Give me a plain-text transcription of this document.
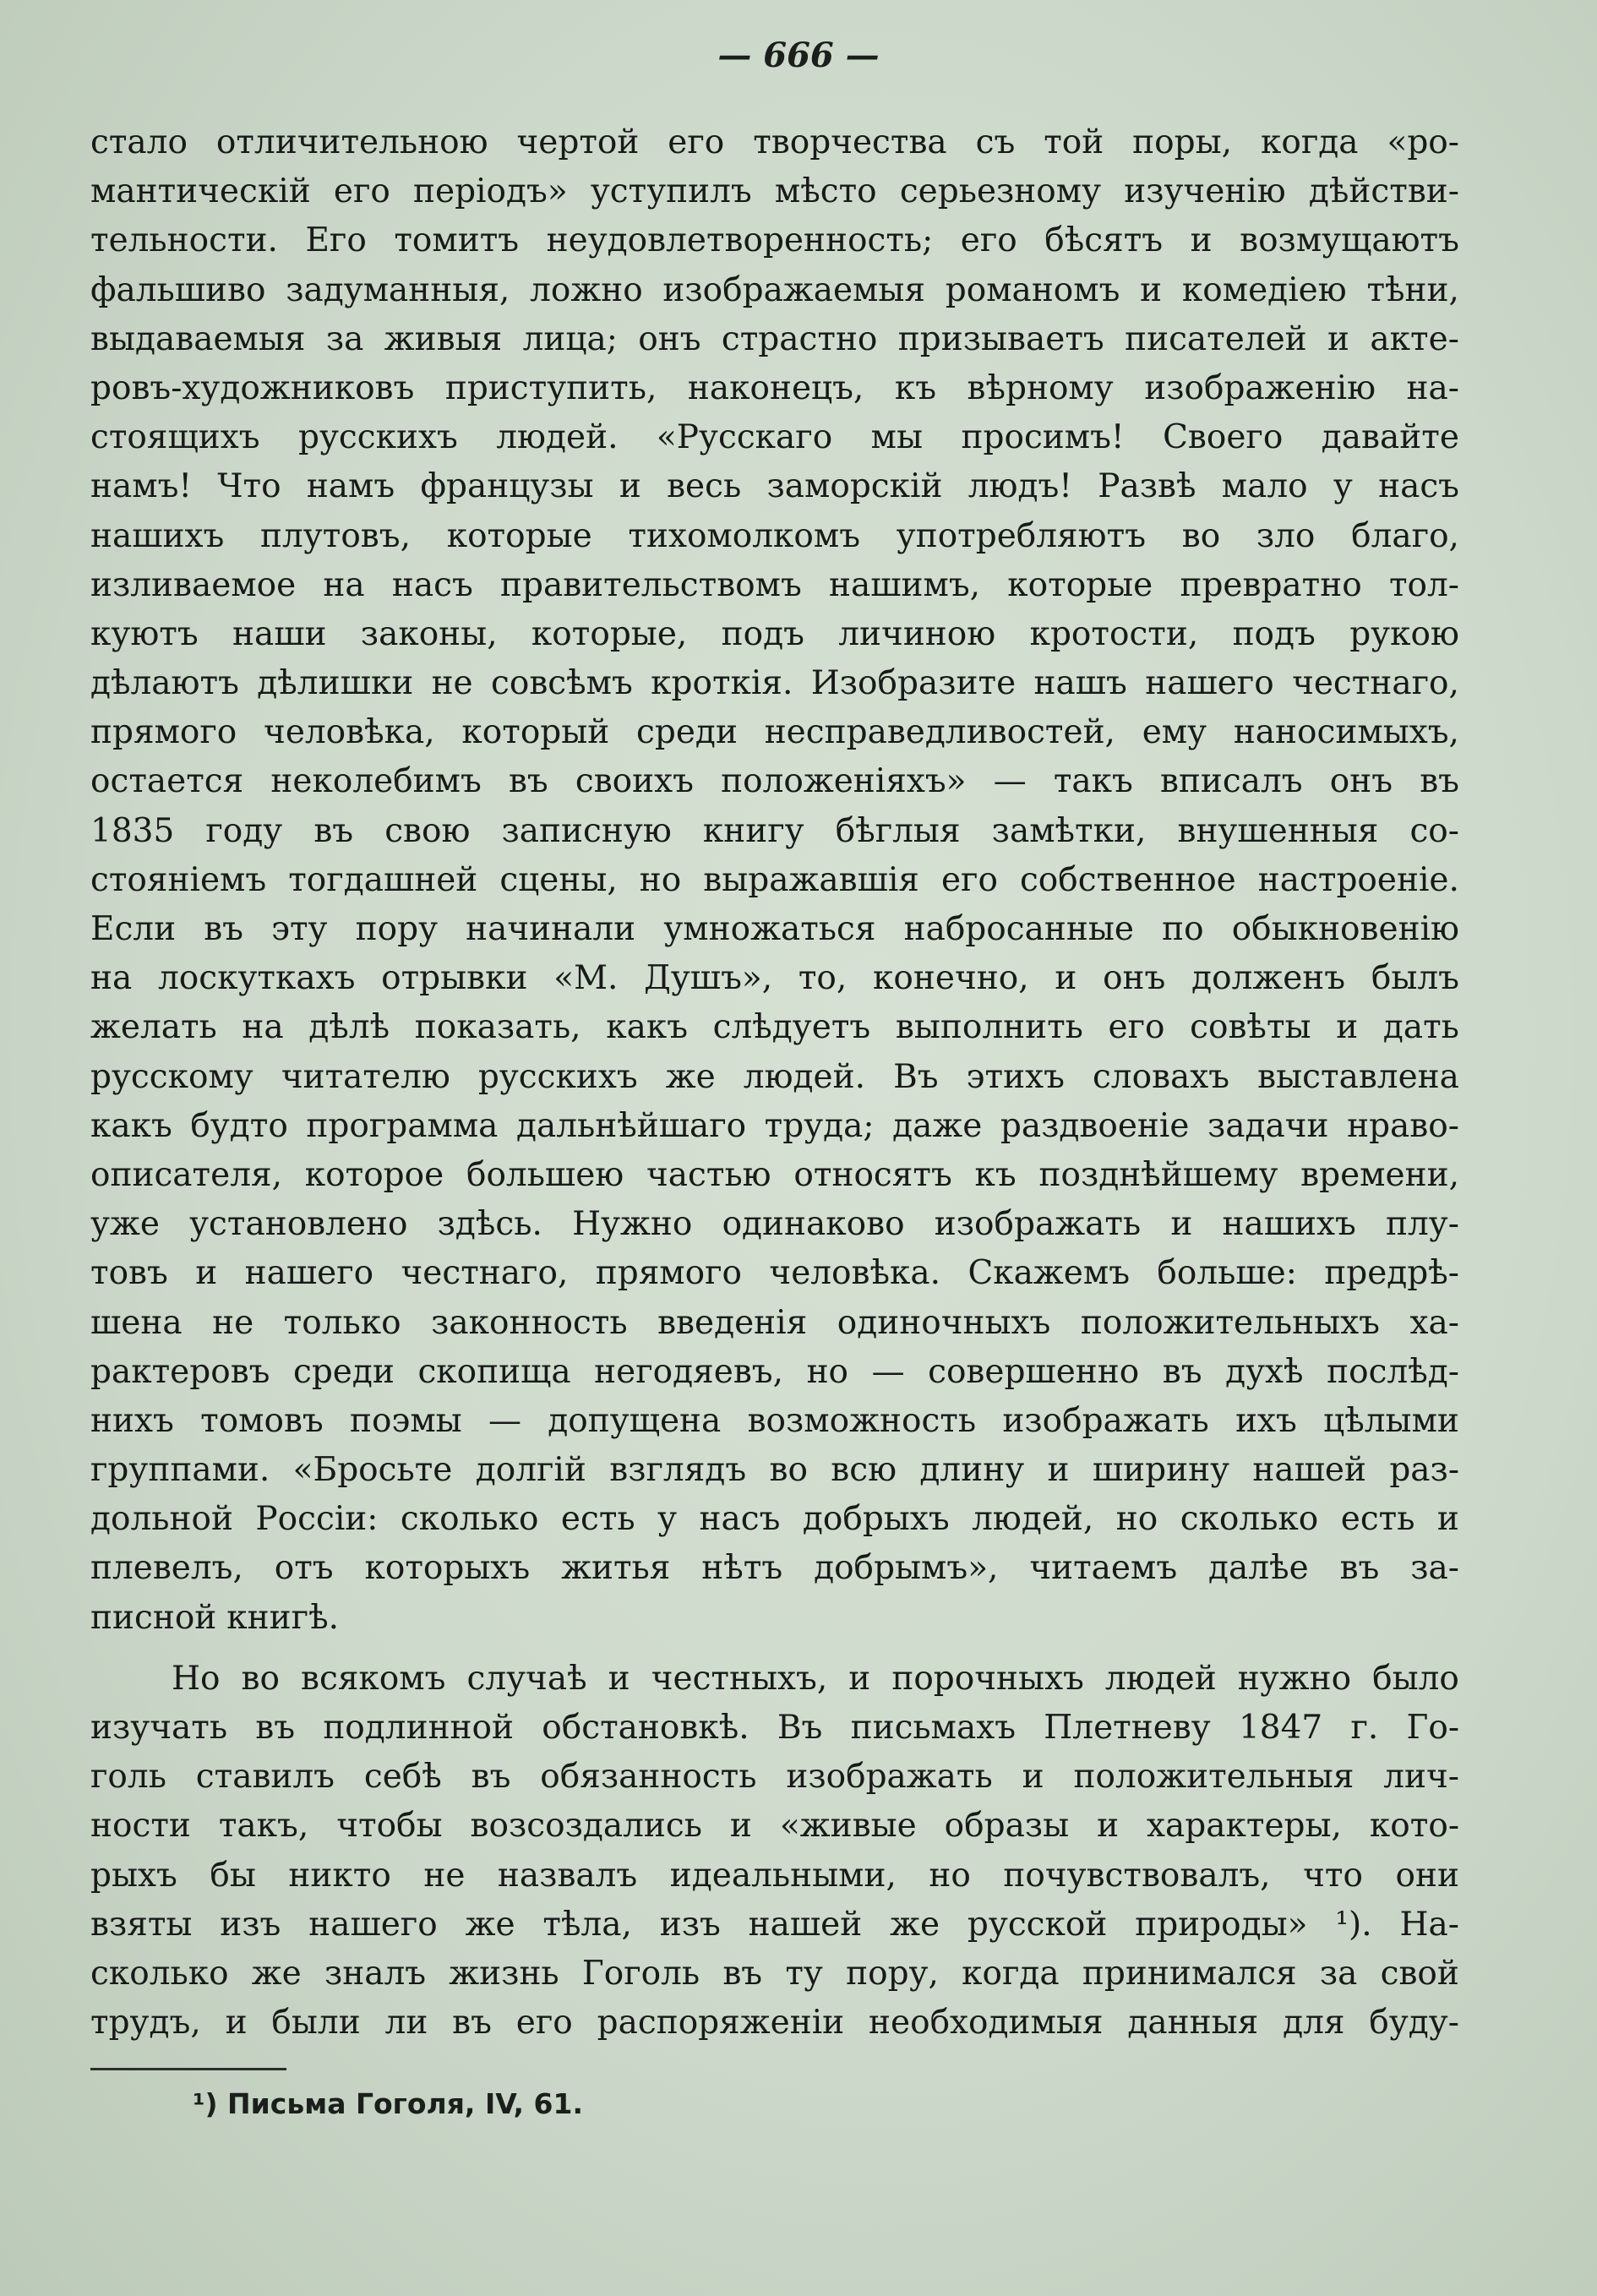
— 666 —
стало отличительною чертой его творчества съ той поры, когда «ро-
мантическій его періодъ» уступилъ мѣсто серьезному изученію дѣйстви-
тельности. Его томитъ неудовлетворенность; его бѣсятъ и возмущаютъ
фальшиво задуманныя, ложно изображаемыя романомъ и комедіею тѣни,
выдаваемыя за живыя лица; онъ страстно призываетъ писателей и акте-
ровъ-художниковъ приступить, наконецъ, къ вѣрному изображенію на-
стоящихъ русскихъ людей. «Русскаго мы просимъ! Своего давайте
намъ! Что намъ французы и весь заморскій людъ! Развѣ мало у насъ
нашихъ плутовъ, которые тихомолкомъ употребляютъ во зло благо,
изливаемое на насъ правительствомъ нашимъ, которые превратно тол-
куютъ наши законы, которые, подъ личиною кротости, подъ рукою
дѣлаютъ дѣлишки не совсѣмъ кроткія. Изобразите нашъ нашего честнаго,
прямого человѣка, который среди несправедливостей, ему наносимыхъ,
остается неколебимъ въ своихъ положеніяхъ» — такъ вписалъ онъ въ
1835 году въ свою записную книгу бѣглыя замѣтки, внушенныя со-
стояніемъ тогдашней сцены, но выражавшія его собственное настроеніе.
Если въ эту пору начинали умножаться набросанные по обыкновенію
на лоскуткахъ отрывки «М. Душъ», то, конечно, и онъ долженъ былъ
желать на дѣлѣ показать, какъ слѣдуетъ выполнить его совѣты и дать
русскому читателю русскихъ же людей. Въ этихъ словахъ выставлена
какъ будто программа дальнѣйшаго труда; даже раздвоеніе задачи нраво-
описателя, которое большею частью относятъ къ позднѣйшему времени,
уже установлено здѣсь. Нужно одинаково изображать и нашихъ плу-
товъ и нашего честнаго, прямого человѣка. Скажемъ больше: предрѣ-
шена не только законность введенія одиночныхъ положительныхъ ха-
рактеровъ среди скопища негодяевъ, но — совершенно въ духѣ послѣд-
нихъ томовъ поэмы — допущена возможность изображать ихъ цѣлыми
группами. «Бросьте долгій взглядъ во всю длину и ширину нашей раз-
дольной Россіи: сколько есть у насъ добрыхъ людей, но сколько есть и
плевелъ, отъ которыхъ житья нѣтъ добрымъ», читаемъ далѣе въ за-
писной книгѣ.
Но во всякомъ случаѣ и честныхъ, и порочныхъ людей нужно было
изучать въ подлинной обстановкѣ. Въ письмахъ Плетневу 1847 г. Го-
голь ставилъ себѣ въ обязанность изображать и положительныя лич-
ности такъ, чтобы возсоздались и «живые образы и характеры, кото-
рыхъ бы никто не назвалъ идеальными, но почувствовалъ, что они
взяты изъ нашего же тѣла, изъ нашей же русской природы» ¹). На-
сколько же зналъ жизнь Гоголь въ ту пору, когда принимался за свой
трудъ, и были ли въ его распоряженіи необходимыя данныя для буду-
¹) Письма Гоголя, IV, 61.
